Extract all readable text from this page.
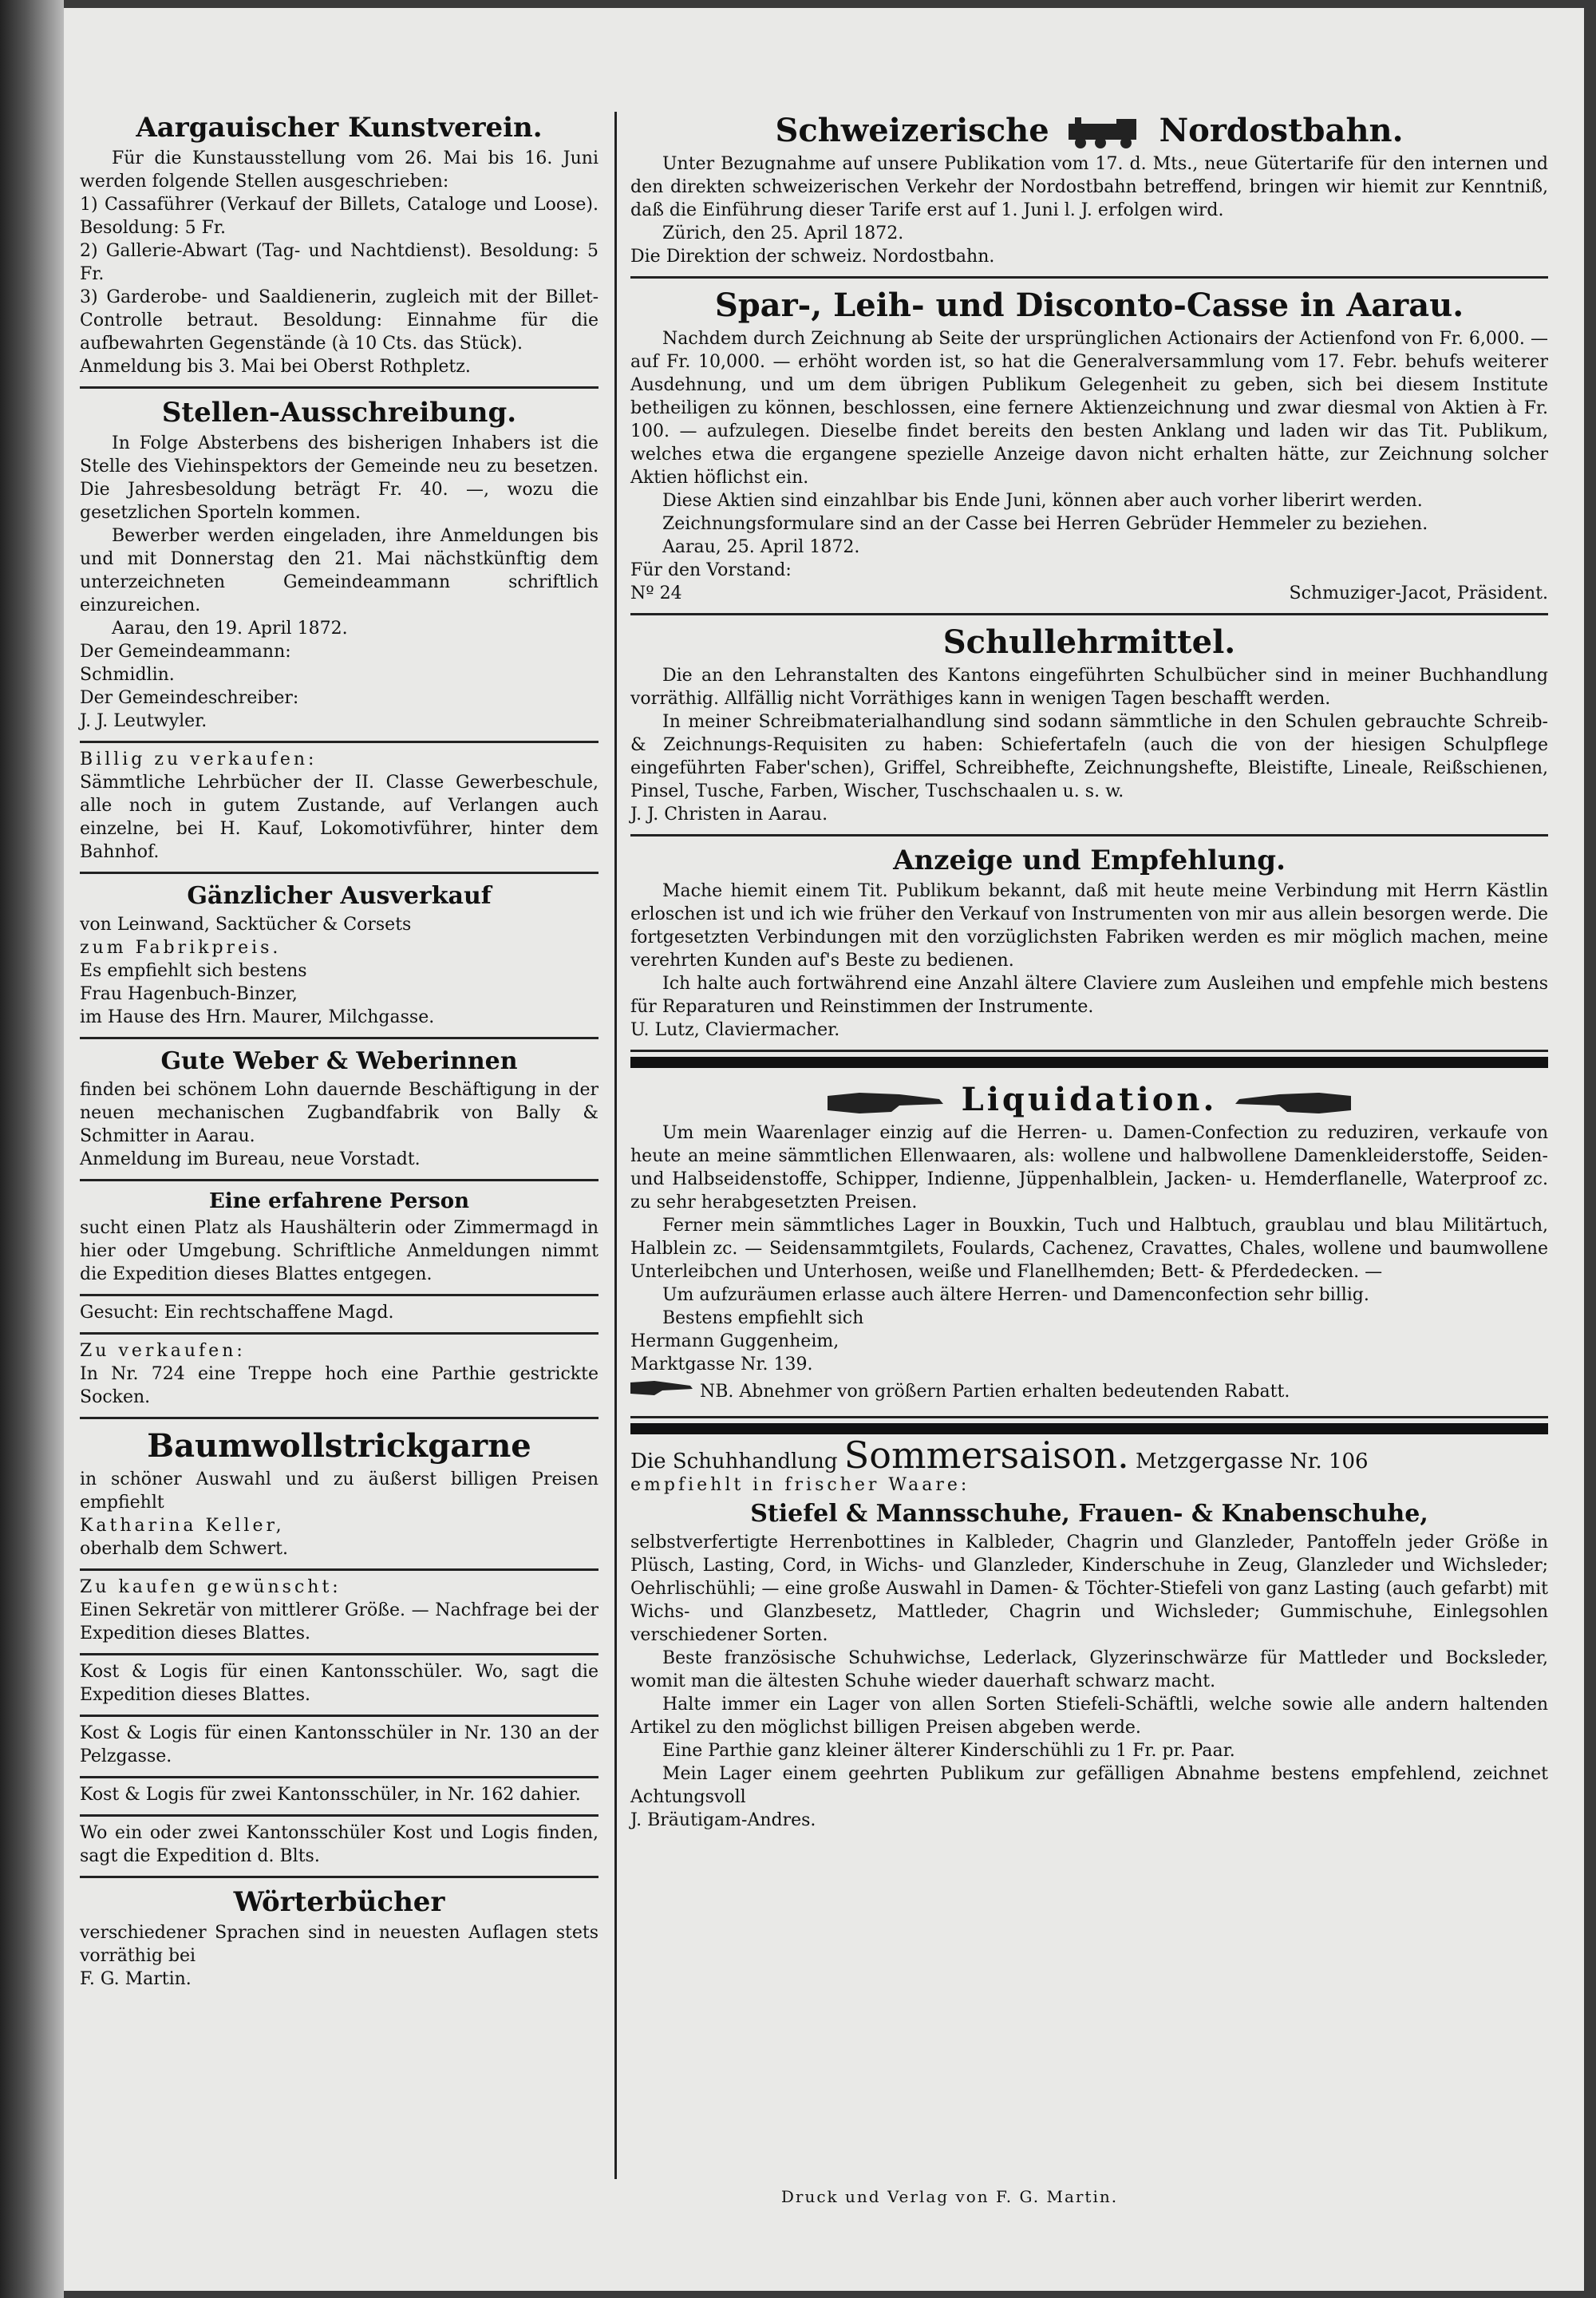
Aargauischer Kunstverein.

Für die Kunstausstellung vom 26. Mai bis 16. Juni werden folgende Stellen ausgeschrieben:

1) Cassaführer (Verkauf der Billets, Cataloge und Loose). Besoldung: 5 Fr.

2) Gallerie-Abwart (Tag- und Nachtdienst). Besoldung: 5 Fr.

3) Garderobe- und Saaldienerin, zugleich mit der Billet-Controlle betraut. Besoldung: Einnahme für die aufbewahrten Gegenstände (à 10 Cts. das Stück).

Anmeldung bis 3. Mai bei Oberst Rothpletz.

Stellen-Ausschreibung.

In Folge Absterbens des bisherigen Inhabers ist die Stelle des Viehinspektors der Gemeinde neu zu besetzen. Die Jahresbesoldung beträgt Fr. 40. —, wozu die gesetzlichen Sporteln kommen.

Bewerber werden eingeladen, ihre Anmeldungen bis und mit Donnerstag den 21. Mai nächstkünftig dem unterzeichneten Gemeindeammann schriftlich einzureichen.

Aarau, den 19. April 1872.

Der Gemeindeammann:

Schmidlin.

Der Gemeindeschreiber:

J. J. Leutwyler.

Billig zu verkaufen:

Sämmtliche Lehrbücher der II. Classe Gewerbeschule, alle noch in gutem Zustande, auf Verlangen auch einzelne, bei H. Kauf, Lokomotivführer, hinter dem Bahnhof.

Gänzlicher Ausverkauf

von Leinwand, Sacktücher & Corsets

zum Fabrikpreis.

Es empfiehlt sich bestens

Frau Hagenbuch-Binzer,

im Hause des Hrn. Maurer, Milchgasse.

Gute Weber & Weberinnen

finden bei schönem Lohn dauernde Beschäftigung in der neuen mechanischen Zugbandfabrik von Bally & Schmitter in Aarau.

Anmeldung im Bureau, neue Vorstadt.

Eine erfahrene Person

sucht einen Platz als Haushälterin oder Zimmermagd in hier oder Umgebung. Schriftliche Anmeldungen nimmt die Expedition dieses Blattes entgegen.

Gesucht: Ein rechtschaffene Magd.

Zu verkaufen:

In Nr. 724 eine Treppe hoch eine Parthie gestrickte Socken.

Baumwollstrickgarne

in schöner Auswahl und zu äußerst billigen Preisen empfiehlt

Katharina Keller,

oberhalb dem Schwert.

Zu kaufen gewünscht:

Einen Sekretär von mittlerer Größe. — Nachfrage bei der Expedition dieses Blattes.

Kost & Logis für einen Kantonsschüler. Wo, sagt die Expedition dieses Blattes.

Kost & Logis für einen Kantonsschüler in Nr. 130 an der Pelzgasse.

Kost & Logis für zwei Kantonsschüler, in Nr. 162 dahier.

Wo ein oder zwei Kantonsschüler Kost und Logis finden, sagt die Expedition d. Blts.

Wörterbücher

verschiedener Sprachen sind in neuesten Auflagen stets vorräthig bei

F. G. Martin.

Schweizerische	Nordostbahn.

Unter Bezugnahme auf unsere Publikation vom 17. d. Mts., neue Gütertarife für den internen und den direkten schweizerischen Verkehr der Nordostbahn betreffend, bringen wir hiemit zur Kenntniß, daß die Einführung dieser Tarife erst auf 1. Juni l. J. erfolgen wird.

Zürich, den 25. April 1872.

Die Direktion der schweiz. Nordostbahn.

Spar-, Leih- und Disconto-Casse in Aarau.

Nachdem durch Zeichnung ab Seite der ursprünglichen Actionairs der Actienfond von Fr. 6,000. — auf Fr. 10,000. — erhöht worden ist, so hat die Generalversammlung vom 17. Febr. behufs weiterer Ausdehnung, und um dem übrigen Publikum Gelegenheit zu geben, sich bei diesem Institute betheiligen zu können, beschlossen, eine fernere Aktienzeichnung und zwar diesmal von Aktien à Fr. 100. — aufzulegen. Dieselbe findet bereits den besten Anklang und laden wir das Tit. Publikum, welches etwa die ergangene spezielle Anzeige davon nicht erhalten hätte, zur Zeichnung solcher Aktien höflichst ein.

Diese Aktien sind einzahlbar bis Ende Juni, können aber auch vorher liberirt werden.

Zeichnungsformulare sind an der Casse bei Herren Gebrüder Hemmeler zu beziehen.

Aarau, 25. April 1872.

Für den Vorstand:

Nº 24	Schmuziger-Jacot, Präsident.

Schullehrmittel.

Die an den Lehranstalten des Kantons eingeführten Schulbücher sind in meiner Buchhandlung vorräthig. Allfällig nicht Vorräthiges kann in wenigen Tagen beschafft werden.

In meiner Schreibmaterialhandlung sind sodann sämmtliche in den Schulen gebrauchte Schreib- & Zeichnungs-Requisiten zu haben: Schiefertafeln (auch die von der hiesigen Schulpflege eingeführten Faber'schen), Griffel, Schreibhefte, Zeichnungshefte, Bleistifte, Lineale, Reißschienen, Pinsel, Tusche, Farben, Wischer, Tuschschaalen u. s. w.

J. J. Christen in Aarau.

Anzeige und Empfehlung.

Mache hiemit einem Tit. Publikum bekannt, daß mit heute meine Verbindung mit Herrn Kästlin erloschen ist und ich wie früher den Verkauf von Instrumenten von mir aus allein besorgen werde. Die fortgesetzten Verbindungen mit den vorzüglichsten Fabriken werden es mir möglich machen, meine verehrten Kunden auf's Beste zu bedienen.

Ich halte auch fortwährend eine Anzahl ältere Claviere zum Ausleihen und empfehle mich bestens für Reparaturen und Reinstimmen der Instrumente.

U. Lutz, Claviermacher.

Liquidation.

Um mein Waarenlager einzig auf die Herren- u. Damen-Confection zu reduziren, verkaufe von heute an meine sämmtlichen Ellenwaaren, als: wollene und halbwollene Damenkleiderstoffe, Seiden- und Halbseidenstoffe, Schipper, Indienne, Jüppenhalblein, Jacken- u. Hemderflanelle, Waterproof zc. zu sehr herabgesetzten Preisen.

Ferner mein sämmtliches Lager in Bouxkin, Tuch und Halbtuch, graublau und blau Militärtuch, Halblein zc. — Seidensammtgilets, Foulards, Cachenez, Cravattes, Chales, wollene und baumwollene Unterleibchen und Unterhosen, weiße und Flanellhemden; Bett- & Pferdedecken. —

Um aufzuräumen erlasse auch ältere Herren- und Damenconfection sehr billig.

Bestens empfiehlt sich

Hermann Guggenheim,

Marktgasse Nr. 139.

NB. Abnehmer von größern Partien erhalten bedeutenden Rabatt.

Die Schuhhandlung Sommersaison. Metzgergasse Nr. 106

empfiehlt in frischer Waare:

Stiefel & Mannsschuhe, Frauen- & Knabenschuhe,

selbstverfertigte Herrenbottines in Kalbleder, Chagrin und Glanzleder, Pantoffeln jeder Größe in Plüsch, Lasting, Cord, in Wichs- und Glanzleder, Kinderschuhe in Zeug, Glanzleder und Wichsleder; Oehrlischühli; — eine große Auswahl in Damen- & Töchter-Stiefeli von ganz Lasting (auch gefarbt) mit Wichs- und Glanzbesetz, Mattleder, Chagrin und Wichsleder; Gummischuhe, Einlegsohlen verschiedener Sorten.

Beste französische Schuhwichse, Lederlack, Glyzerinschwärze für Mattleder und Bocksleder, womit man die ältesten Schuhe wieder dauerhaft schwarz macht.

Halte immer ein Lager von allen Sorten Stiefeli-Schäftli, welche sowie alle andern haltenden Artikel zu den möglichst billigen Preisen abgeben werde.

Eine Parthie ganz kleiner älterer Kinderschühli zu 1 Fr. pr. Paar.

Mein Lager einem geehrten Publikum zur gefälligen Abnahme bestens empfehlend, zeichnet Achtungsvoll

J. Bräutigam-Andres.

Druck und Verlag von F. G. Martin.
